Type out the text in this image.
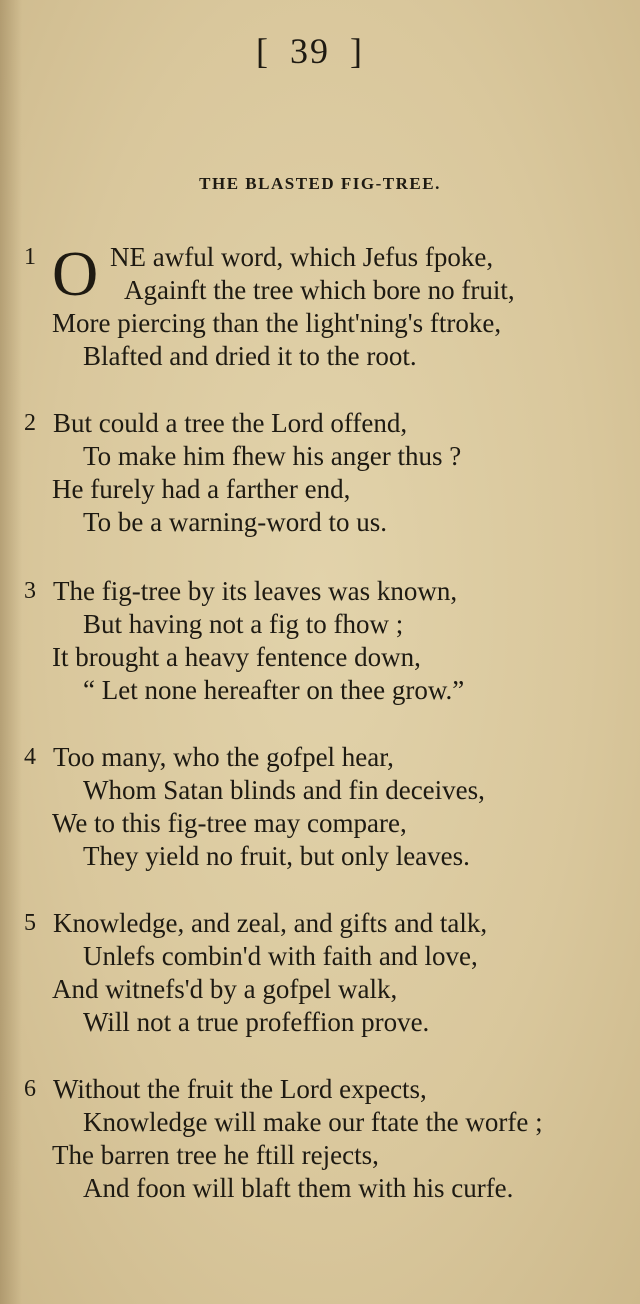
[ 39 ]
THE BLASTED FIG-TREE.
1 O NE awful word, which Jefus fpoke,
Againft the tree which bore no fruit,
More piercing than the light'ning's ftroke,
Blafted and dried it to the root.
2 But could a tree the Lord offend,
To make him fhew his anger thus ?
He furely had a farther end,
To be a warning-word to us.
3 The fig-tree by its leaves was known,
But having not a fig to fhow ;
It brought a heavy fentence down,
“ Let none hereafter on thee grow.”
4 Too many, who the gofpel hear,
Whom Satan blinds and fin deceives,
We to this fig-tree may compare,
They yield no fruit, but only leaves.
5 Knowledge, and zeal, and gifts and talk,
Unlefs combin'd with faith and love,
And witnefs'd by a gofpel walk,
Will not a true profeffion prove.
6 Without the fruit the Lord expects,
Knowledge will make our ftate the worfe ;
The barren tree he ftill rejects,
And foon will blaft them with his curfe.
